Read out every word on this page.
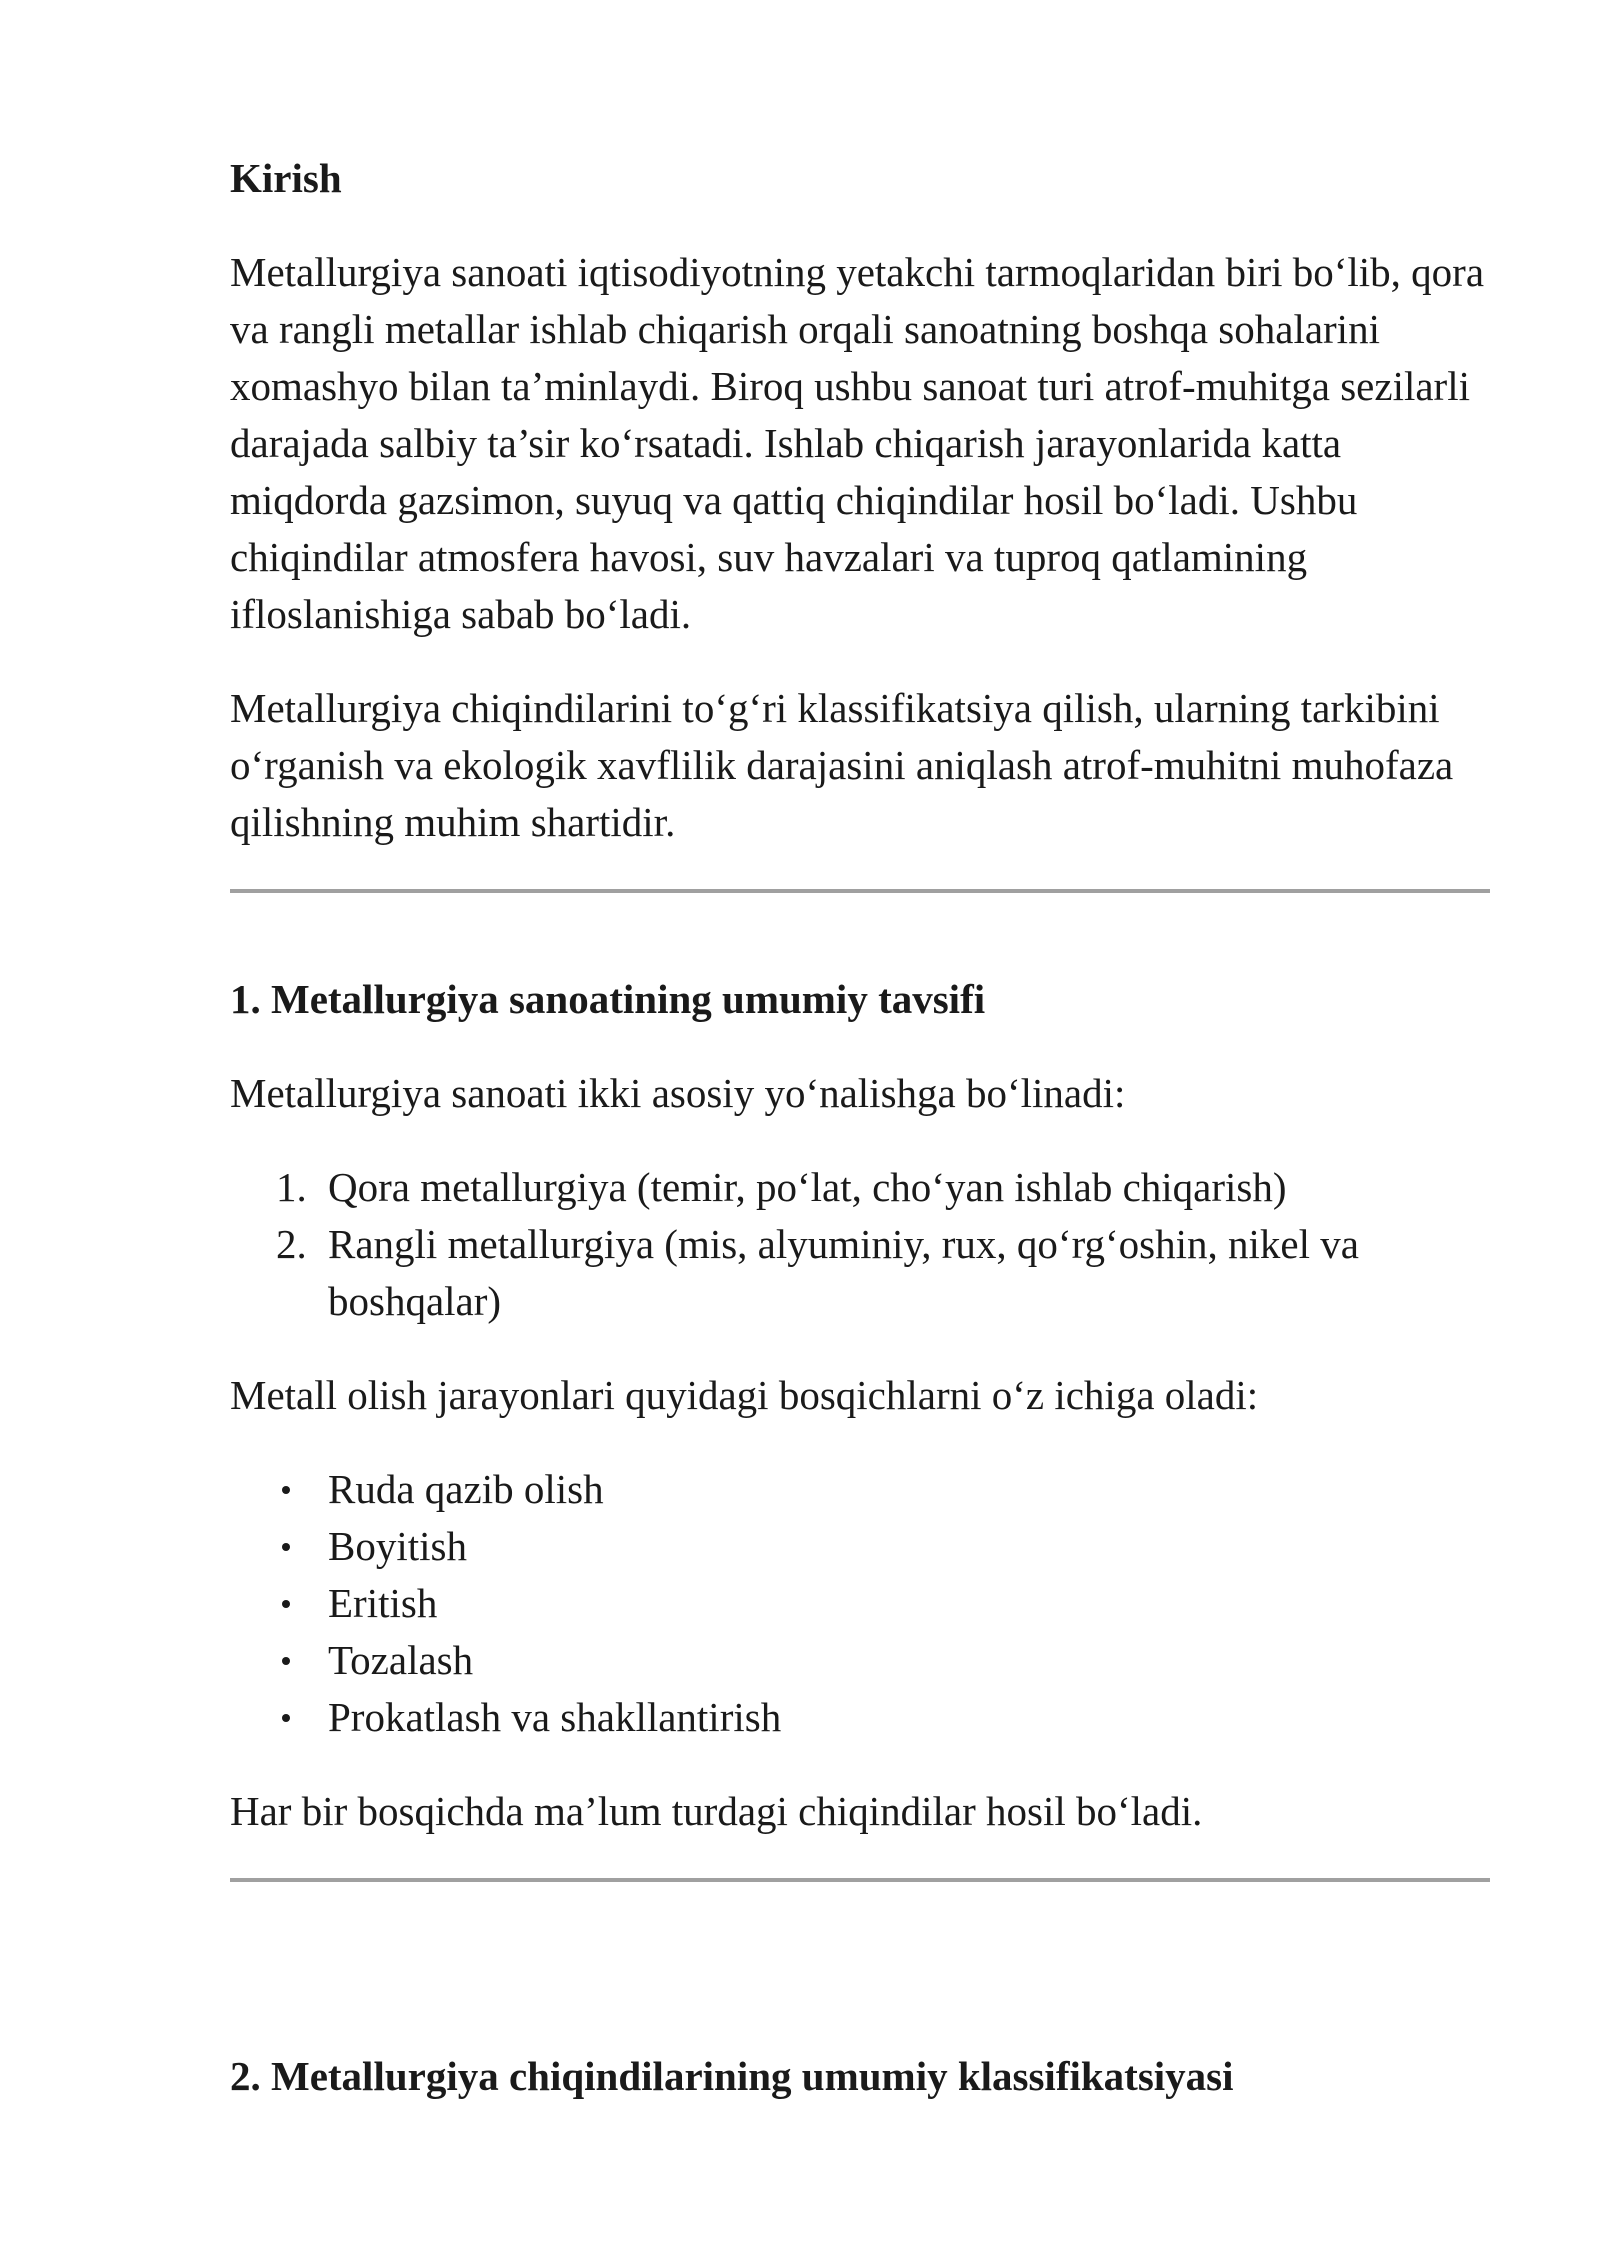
Kirish

Metallurgiya sanoati iqtisodiyotning yetakchi tarmoqlaridan biri bo‘lib, qora va rangli metallar ishlab chiqarish orqali sanoatning boshqa sohalarini xomashyo bilan ta’minlaydi. Biroq ushbu sanoat turi atrof-muhitga sezilarli darajada salbiy ta’sir ko‘rsatadi. Ishlab chiqarish jarayonlarida katta miqdorda gazsimon, suyuq va qattiq chiqindilar hosil bo‘ladi. Ushbu chiqindilar atmosfera havosi, suv havzalari va tuproq qatlamining ifloslanishiga sabab bo‘ladi.

Metallurgiya chiqindilarini to‘g‘ri klassifikatsiya qilish, ularning tarkibini o‘rganish va ekologik xavflilik darajasini aniqlash atrof-muhitni muhofaza qilishning muhim shartidir.

1. Metallurgiya sanoatining umumiy tavsifi

Metallurgiya sanoati ikki asosiy yo‘nalishga bo‘linadi:

1. Qora metallurgiya (temir, po‘lat, cho‘yan ishlab chiqarish)
2. Rangli metallurgiya (mis, alyuminiy, rux, qo‘rg‘oshin, nikel va boshqalar)

Metall olish jarayonlari quyidagi bosqichlarni o‘z ichiga oladi:

Ruda qazib olish
Boyitish
Eritish
Tozalash
Prokatlash va shakllantirish

Har bir bosqichda ma’lum turdagi chiqindilar hosil bo‘ladi.

2. Metallurgiya chiqindilarining umumiy klassifikatsiyasi
